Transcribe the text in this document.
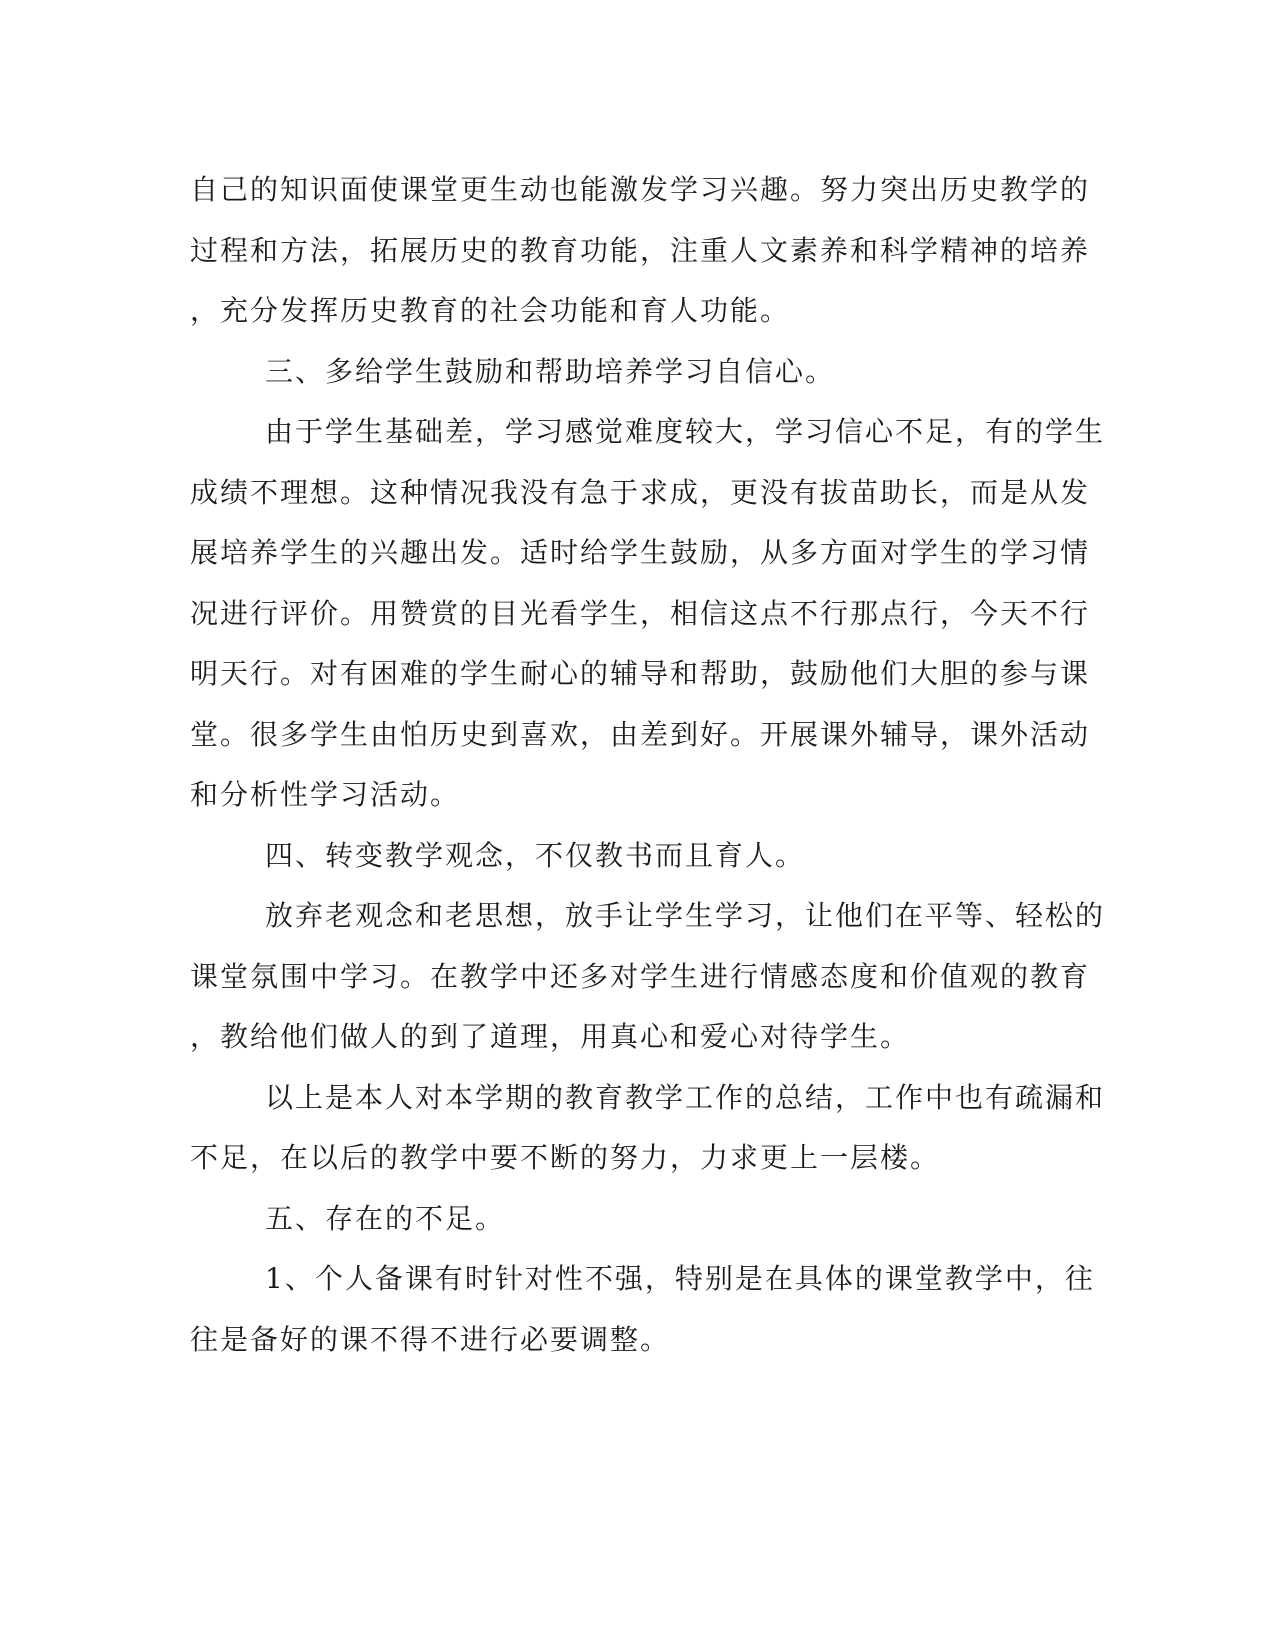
自己的知识面使课堂更生动也能激发学习兴趣。努力突出历史教学的
过程和方法，拓展历史的教育功能，注重人文素养和科学精神的培养
，充分发挥历史教育的社会功能和育人功能。
三、多给学生鼓励和帮助培养学习自信心。
由于学生基础差，学习感觉难度较大，学习信心不足，有的学生
成绩不理想。这种情况我没有急于求成，更没有拔苗助长，而是从发
展培养学生的兴趣出发。适时给学生鼓励，从多方面对学生的学习情
况进行评价。用赞赏的目光看学生，相信这点不行那点行，今天不行
明天行。对有困难的学生耐心的辅导和帮助，鼓励他们大胆的参与课
堂。很多学生由怕历史到喜欢，由差到好。开展课外辅导，课外活动
和分析性学习活动。
四、转变教学观念，不仅教书而且育人。
放弃老观念和老思想，放手让学生学习，让他们在平等、轻松的
课堂氛围中学习。在教学中还多对学生进行情感态度和价值观的教育
，教给他们做人的到了道理，用真心和爱心对待学生。
以上是本人对本学期的教育教学工作的总结，工作中也有疏漏和
不足，在以后的教学中要不断的努力，力求更上一层楼。
五、存在的不足。
1、个人备课有时针对性不强，特别是在具体的课堂教学中，往
往是备好的课不得不进行必要调整。
